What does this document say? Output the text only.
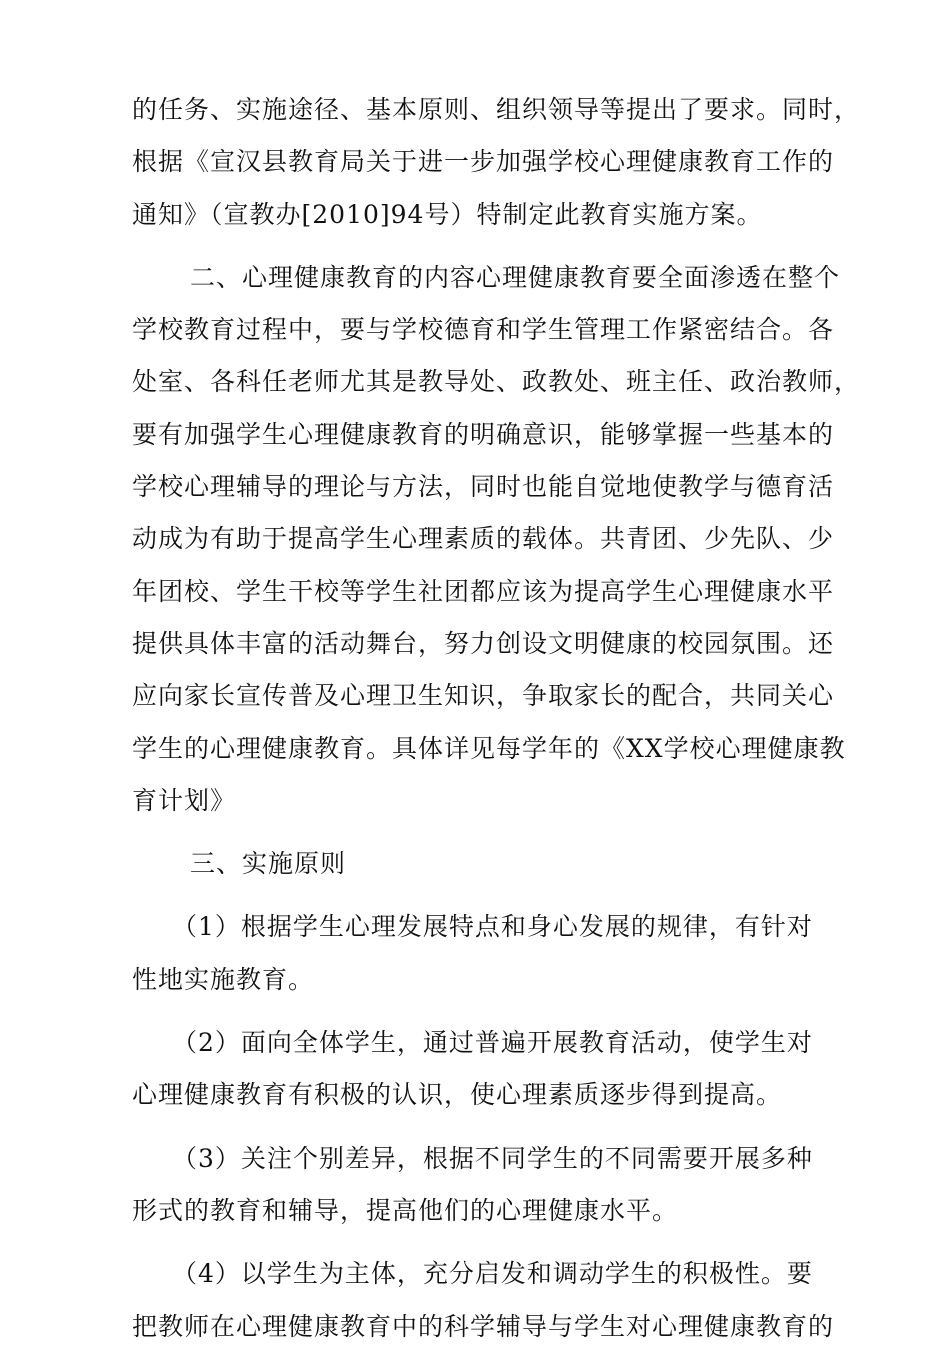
的任务、实施途径、基本原则、组织领导等提出了要求。同时，
根据《宣汉县教育局关于进一步加强学校心理健康教育工作的
通知》（宣教办[2010]94号）特制定此教育实施方案。
二、心理健康教育的内容心理健康教育要全面渗透在整个
学校教育过程中，要与学校德育和学生管理工作紧密结合。各
处室、各科任老师尤其是教导处、政教处、班主任、政治教师，
要有加强学生心理健康教育的明确意识，能够掌握一些基本的
学校心理辅导的理论与方法，同时也能自觉地使教学与德育活
动成为有助于提高学生心理素质的载体。共青团、少先队、少
年团校、学生干校等学生社团都应该为提高学生心理健康水平
提供具体丰富的活动舞台，努力创设文明健康的校园氛围。还
应向家长宣传普及心理卫生知识，争取家长的配合，共同关心
学生的心理健康教育。具体详见每学年的《XX学校心理健康教
育计划》
三、实施原则
（1）根据学生心理发展特点和身心发展的规律，有针对
性地实施教育。
（2）面向全体学生，通过普遍开展教育活动，使学生对
心理健康教育有积极的认识，使心理素质逐步得到提高。
（3）关注个别差异，根据不同学生的不同需要开展多种
形式的教育和辅导，提高他们的心理健康水平。
（4）以学生为主体，充分启发和调动学生的积极性。要
把教师在心理健康教育中的科学辅导与学生对心理健康教育的
